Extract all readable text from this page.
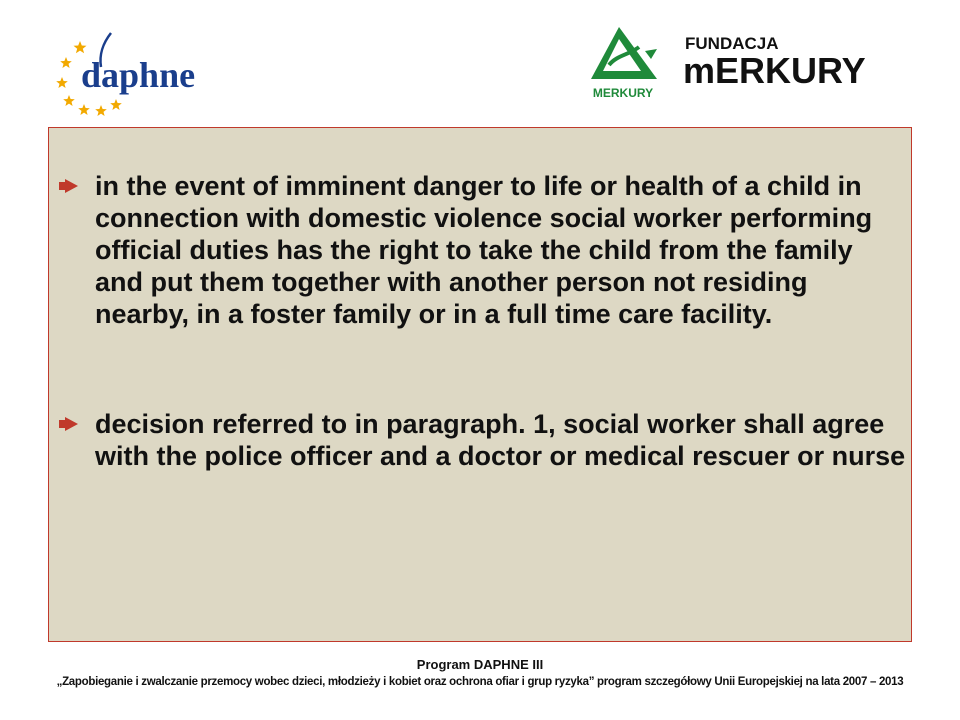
daphne	MERKURY
FUNDACJA
mERKURY

in the event of imminent danger to life or health of a child in connection with domestic violence social worker performing official duties has the right to take the child from the family and put them together with another person not residing nearby, in a foster family or in a full time care facility.

decision referred to in paragraph. 1, social worker shall agree with the police officer and a doctor or medical rescuer or nurse

Program DAPHNE III
„Zapobieganie i zwalczanie przemocy wobec dzieci, młodzieży i kobiet oraz ochrona ofiar i grup ryzyka” program szczegółowy Unii Europejskiej na lata 2007 – 2013
